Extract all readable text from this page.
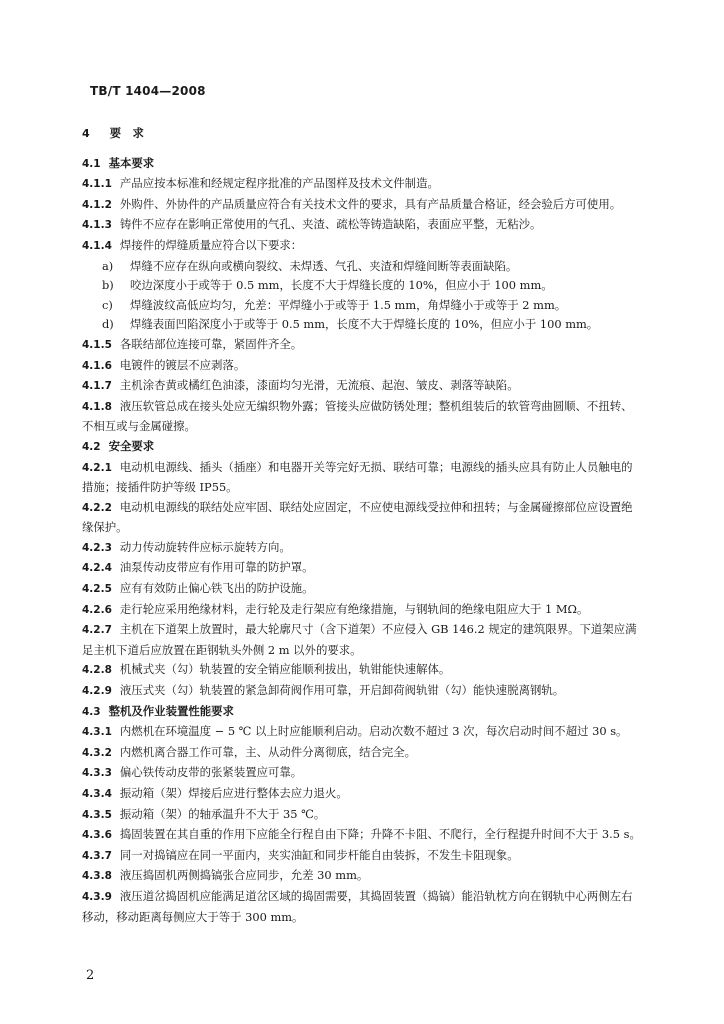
TB/T 1404—2008
4 要　求
4.1 基本要求
4.1.1 产品应按本标准和经规定程序批准的产品图样及技术文件制造。
4.1.2 外购件、外协件的产品质量应符合有关技术文件的要求，具有产品质量合格证，经会验后方可使用。
4.1.3 铸件不应存在影响正常使用的气孔、夹渣、疏松等铸造缺陷，表面应平整，无粘沙。
4.1.4 焊接件的焊缝质量应符合以下要求：
a) 焊缝不应存在纵向或横向裂纹、未焊透、气孔、夹渣和焊缝间断等表面缺陷。
b) 咬边深度小于或等于 0.5 mm，长度不大于焊缝长度的 10%，但应小于 100 mm。
c) 焊缝波纹高低应均匀，允差：平焊缝小于或等于 1.5 mm，角焊缝小于或等于 2 mm。
d) 焊缝表面凹陷深度小于或等于 0.5 mm，长度不大于焊缝长度的 10%，但应小于 100 mm。
4.1.5 各联结部位连接可靠，紧固件齐全。
4.1.6 电镀件的镀层不应剥落。
4.1.7 主机涂杏黄或橘红色油漆，漆面均匀光滑，无流痕、起泡、皱皮、剥落等缺陷。
4.1.8 液压软管总成在接头处应无编织物外露；管接头应做防锈处理；整机组装后的软管弯曲圆顺、不扭转、不相互或与金属碰擦。
4.2 安全要求
4.2.1 电动机电源线、插头（插座）和电器开关等完好无损、联结可靠；电源线的插头应具有防止人员触电的措施；接插件防护等级 IP55。
4.2.2 电动机电源线的联结处应牢固、联结处应固定，不应使电源线受拉伸和扭转；与金属碰擦部位应设置绝缘保护。
4.2.3 动力传动旋转件应标示旋转方向。
4.2.4 油泵传动皮带应有作用可靠的防护罩。
4.2.5 应有有效防止偏心铁飞出的防护设施。
4.2.6 走行轮应采用绝缘材料，走行轮及走行架应有绝缘措施，与钢轨间的绝缘电阻应大于 1 MΩ。
4.2.7 主机在下道架上放置时，最大轮廓尺寸（含下道架）不应侵入 GB 146.2 规定的建筑限界。下道架应满足主机下道后应放置在距钢轨头外侧 2 m 以外的要求。
4.2.8 机械式夹（勾）轨装置的安全销应能顺利拔出，轨钳能快速解体。
4.2.9 液压式夹（勾）轨装置的紧急卸荷阀作用可靠，开启卸荷阀轨钳（勾）能快速脱离钢轨。
4.3 整机及作业装置性能要求
4.3.1 内燃机在环境温度 − 5 ℃ 以上时应能顺利启动。启动次数不超过 3 次，每次启动时间不超过 30 s。
4.3.2 内燃机离合器工作可靠，主、从动件分离彻底，结合完全。
4.3.3 偏心铁传动皮带的张紧装置应可靠。
4.3.4 振动箱（架）焊接后应进行整体去应力退火。
4.3.5 振动箱（架）的轴承温升不大于 35 ℃。
4.3.6 捣固装置在其自重的作用下应能全行程自由下降；升降不卡阻、不爬行，全行程提升时间不大于 3.5 s。
4.3.7 同一对捣镐应在同一平面内，夹实油缸和同步杆能自由装拆，不发生卡阻现象。
4.3.8 液压捣固机两侧捣镐张合应同步，允差 30 mm。
4.3.9 液压道岔捣固机应能满足道岔区域的捣固需要，其捣固装置（捣镐）能沿轨枕方向在钢轨中心两侧左右移动，移动距离每侧应大于等于 300 mm。
2
